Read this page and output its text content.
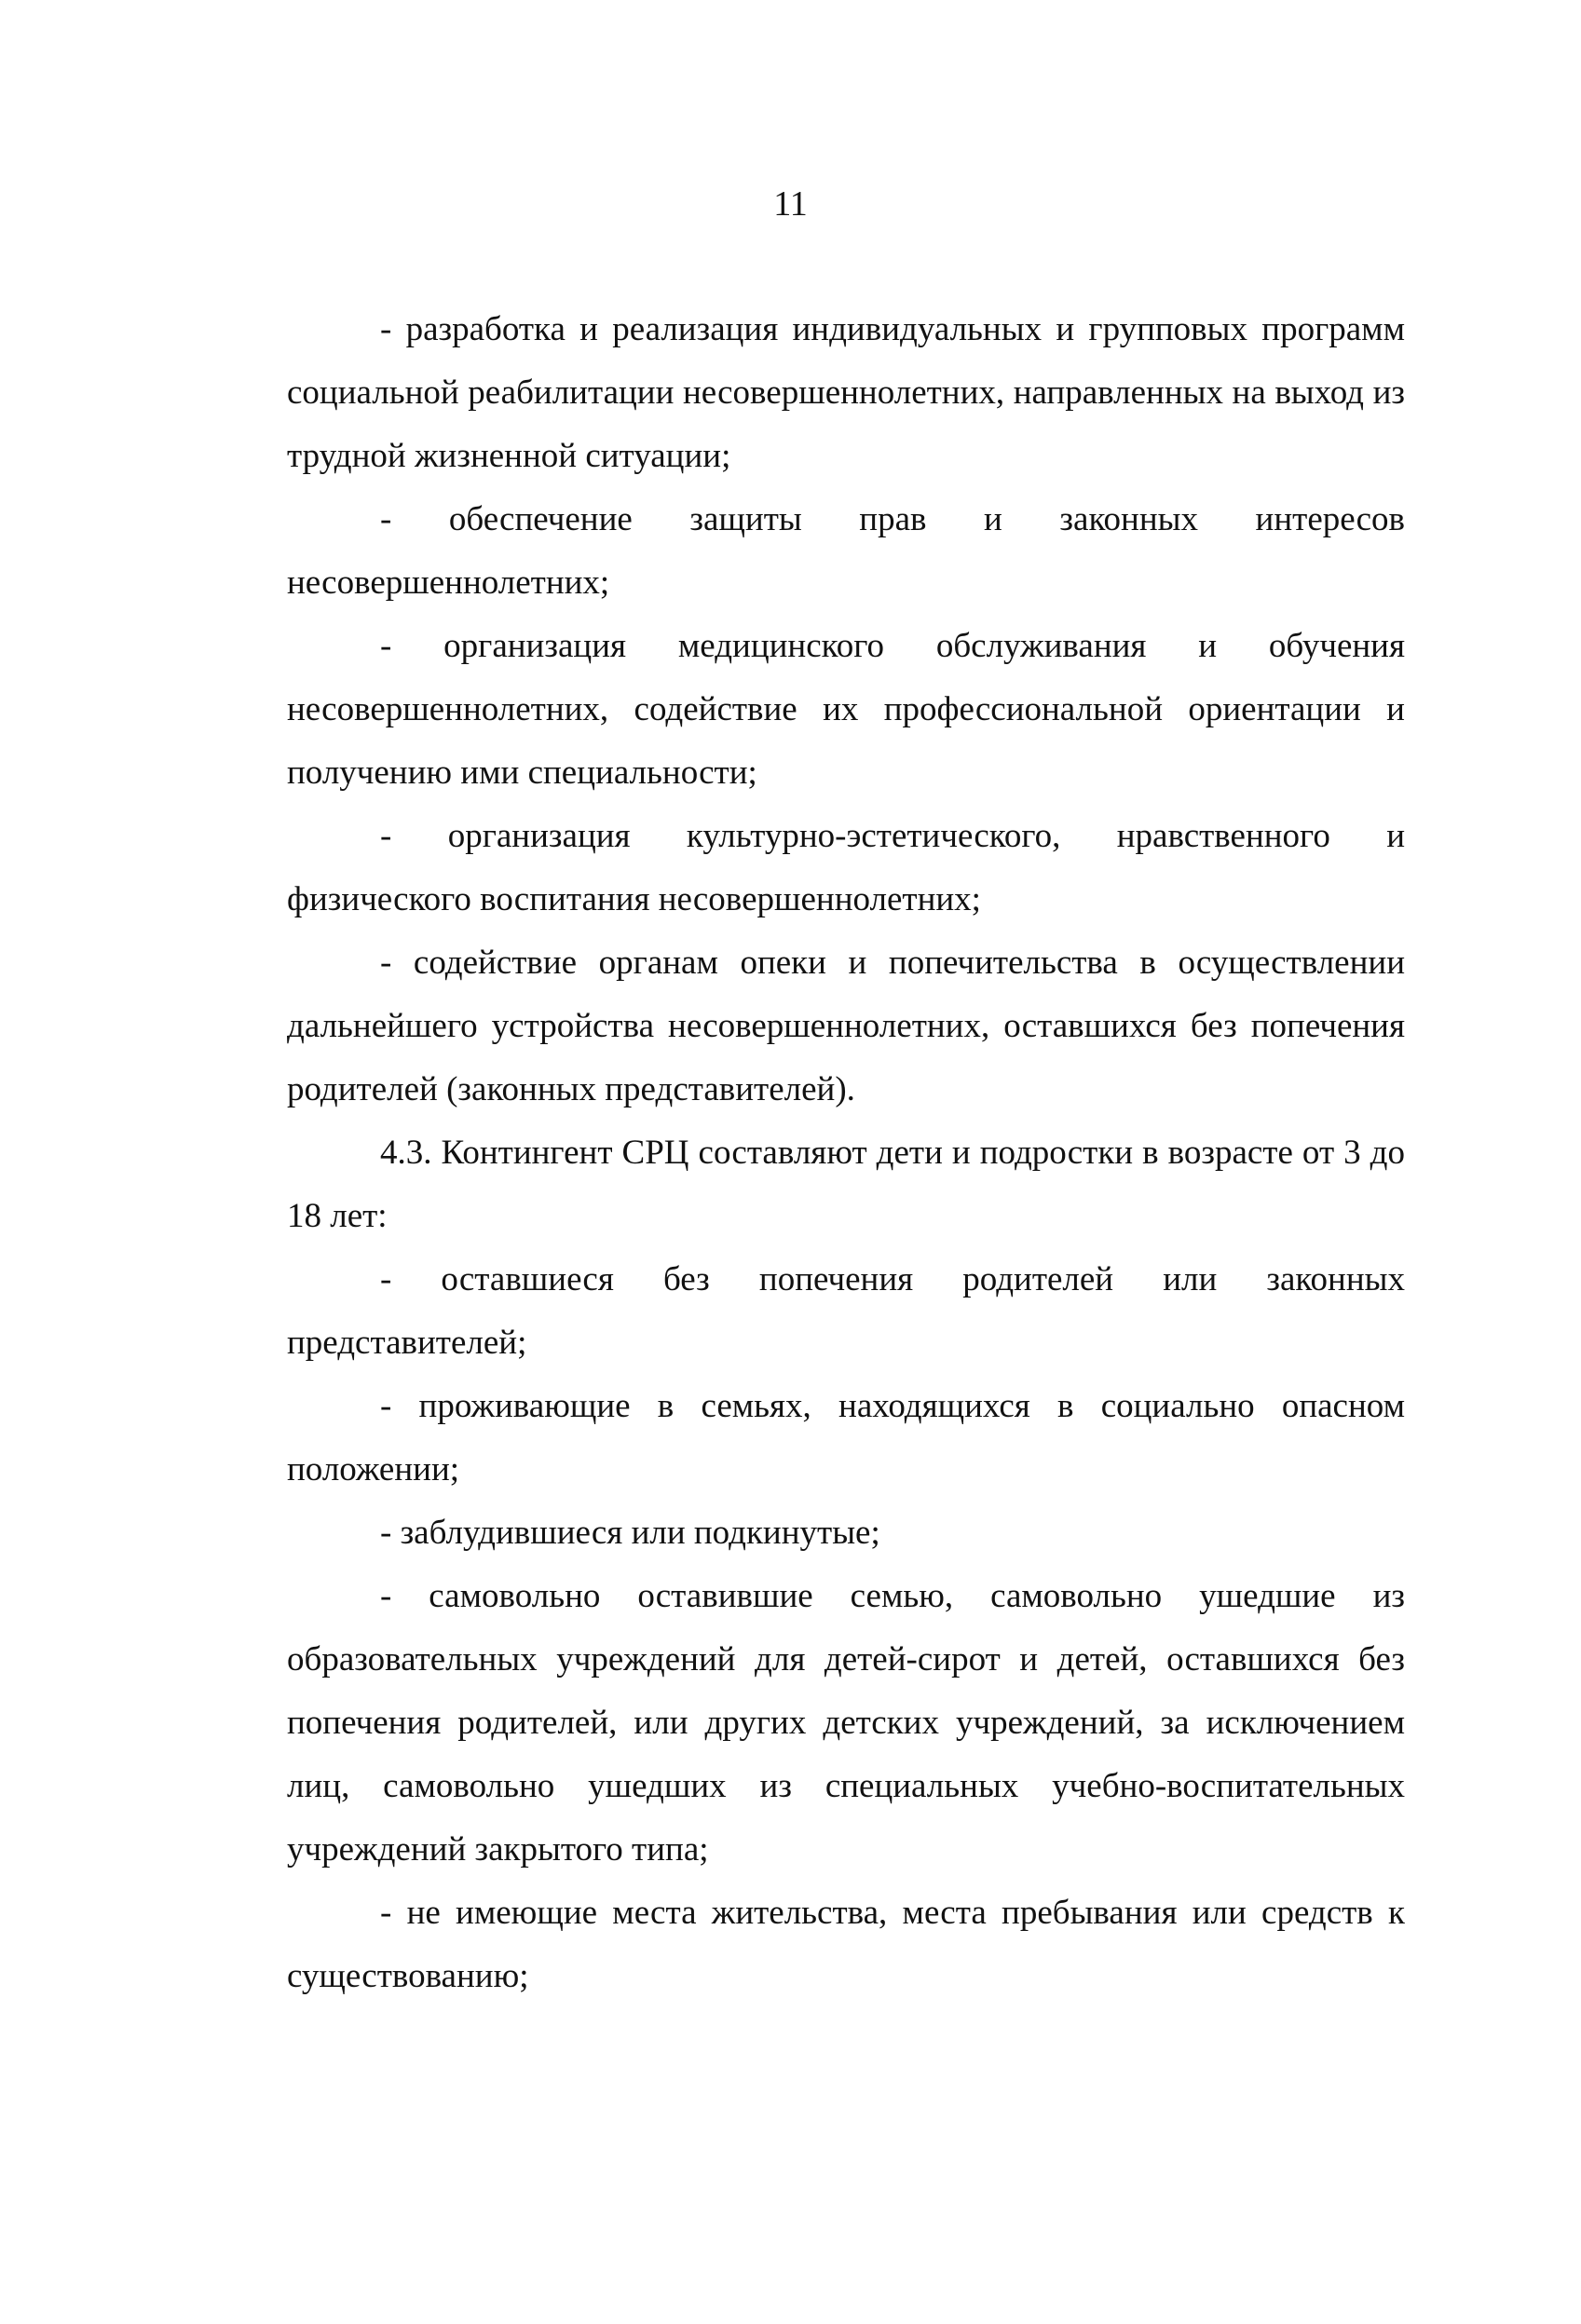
11

- разработка и реализация индивидуальных и групповых программ социальной реабилитации несовершеннолетних, направленных на выход из трудной жизненной ситуации;

- обеспечение защиты прав и законных интересов несовершеннолетних;

- организация медицинского обслуживания и обучения несовершеннолетних, содействие их профессиональной ориентации и получению ими специальности;

- организация культурно-эстетического, нравственного и физического воспитания несовершеннолетних;

- содействие органам опеки и попечительства в осуществлении дальнейшего устройства несовершеннолетних, оставшихся без попечения родителей (законных представителей).

4.3. Контингент СРЦ составляют дети и подростки в возрасте от 3 до 18 лет:

- оставшиеся без попечения родителей или законных представителей;

- проживающие в семьях, находящихся в социально опасном положении;

- заблудившиеся или подкинутые;

- самовольно оставившие семью, самовольно ушедшие из образовательных учреждений для детей-сирот и детей, оставшихся без попечения родителей, или других детских учреждений, за исключением лиц, самовольно ушедших из специальных учебно-воспитательных учреждений закрытого типа;

- не имеющие места жительства, места пребывания или средств к существованию;
